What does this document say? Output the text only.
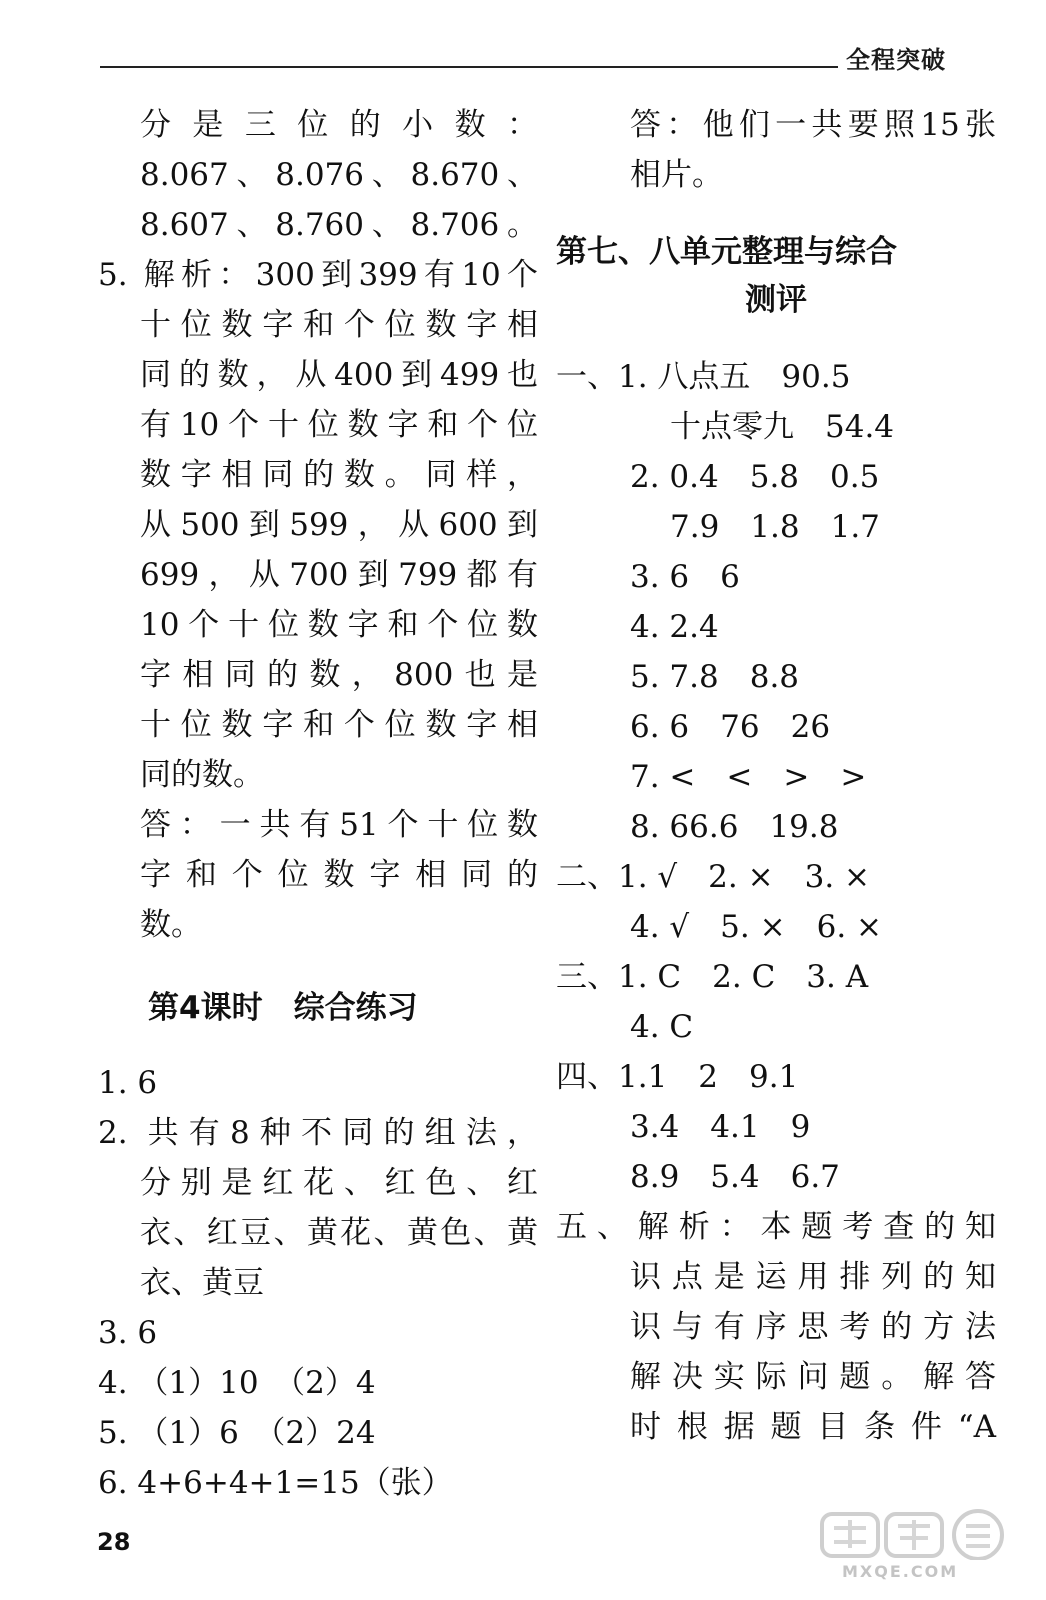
全程突破
分 是 三 位 的 小 数 ：
8.067、8.076、8.670、
8.607、8.760、8.706。
5. 解析：300到399有10个
十位数字和个位数字相
同的数，从400到499也
有10个十位数字和个位
数字相同的数。同样，
从500到599，从600到
699，从700到799都有
10个十位数字和个位数
字相同的数，800也是
十位数字和个位数字相
同的数。
答：一共有51个十位数
字和个位数字相同的
数。
第4课时　综合练习
1. 6
2. 共有8种不同的组法，
分别是红花、红色、红
衣、红豆、黄花、黄色、黄
衣、黄豆
3. 6
4. （1）10　（2）4
5. （1）6　（2）24
6. 4+6+4+1=15（张）
答：他们一共要照15张
相片。
第七、八单元整理与综合
测评
一、1. 八点五　90.5
十点零九　54.4
2. 0.4　5.8　0.5
7.9　1.8　1.7
3. 6　6
4. 2.4
5. 7.8　8.8
6. 6　76　26
7. <　<　>　>
8. 66.6　19.8
二、1. √　2. ×　3. ×
4. √　5. ×　6. ×
三、1. C　2. C　3. A
4. C
四、1.1　2　9.1
3.4　4.1　9
8.9　5.4　6.7
五、解析：本题考查的知
识点是运用排列的知
识与有序思考的方法
解决实际问题。解答
时根据题目条件“A
28
MXQE.COM
